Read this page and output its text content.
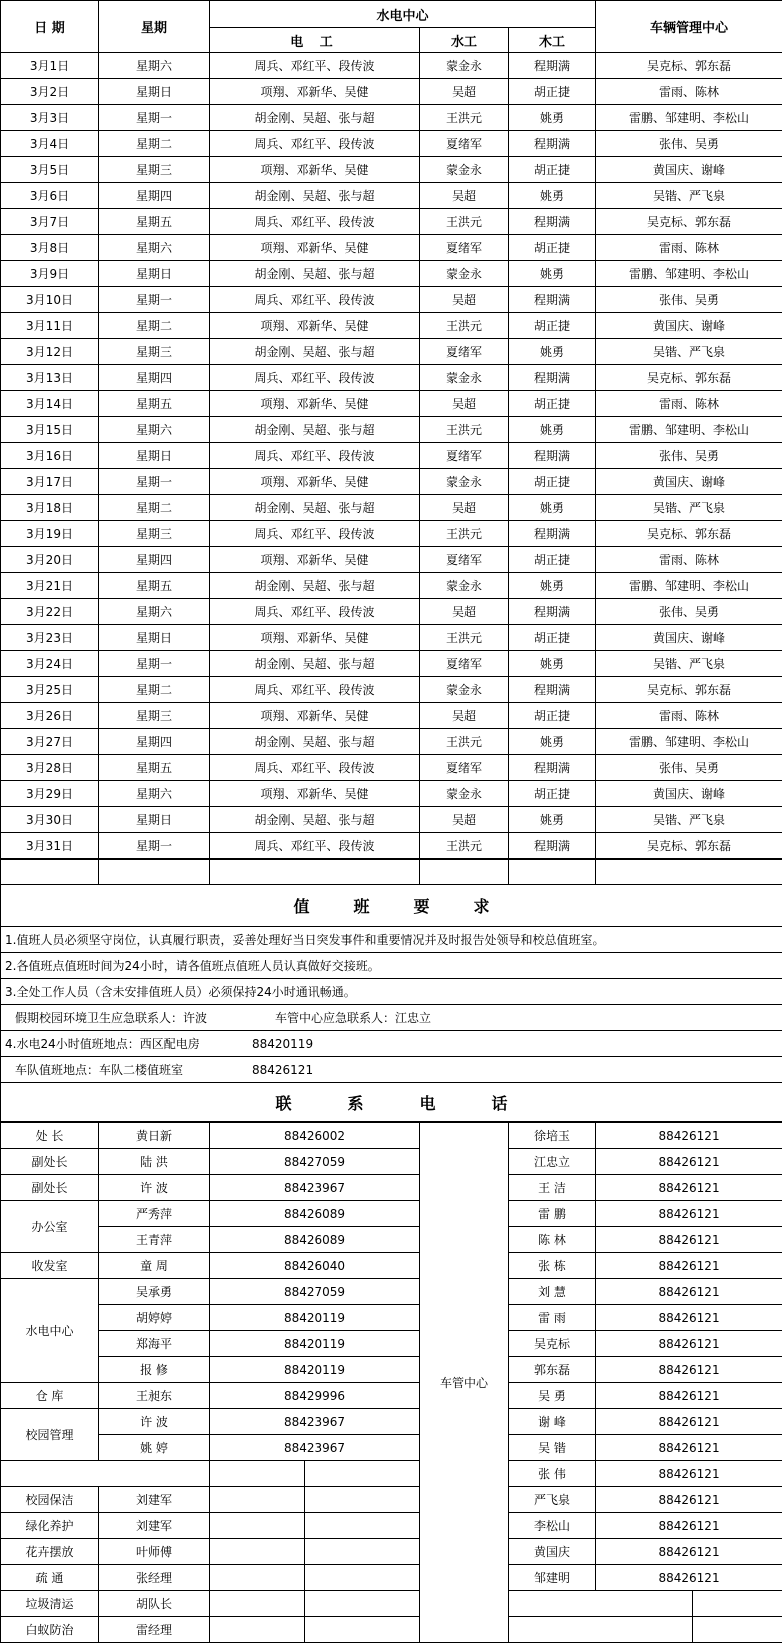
日 期	星期	水电中心			车辆管理中心
		电 工	水工	木工	
3月1日	星期六	周兵、邓红平、段传波	蒙金永	程期满	吴克标、郭东磊
3月2日	星期日	项翔、邓新华、吴健	吴超	胡正捷	雷雨、陈林
3月3日	星期一	胡金刚、吴超、张与超	王洪元	姚勇	雷鹏、邹建明、李松山
3月4日	星期二	周兵、邓红平、段传波	夏绪军	程期满	张伟、吴勇
3月5日	星期三	项翔、邓新华、吴健	蒙金永	胡正捷	黄国庆、谢峰
3月6日	星期四	胡金刚、吴超、张与超	吴超	姚勇	吴锴、严飞泉
3月7日	星期五	周兵、邓红平、段传波	王洪元	程期满	吴克标、郭东磊
3月8日	星期六	项翔、邓新华、吴健	夏绪军	胡正捷	雷雨、陈林
3月9日	星期日	胡金刚、吴超、张与超	蒙金永	姚勇	雷鹏、邹建明、李松山
3月10日	星期一	周兵、邓红平、段传波	吴超	程期满	张伟、吴勇
3月11日	星期二	项翔、邓新华、吴健	王洪元	胡正捷	黄国庆、谢峰
3月12日	星期三	胡金刚、吴超、张与超	夏绪军	姚勇	吴锴、严飞泉
3月13日	星期四	周兵、邓红平、段传波	蒙金永	程期满	吴克标、郭东磊
3月14日	星期五	项翔、邓新华、吴健	吴超	胡正捷	雷雨、陈林
3月15日	星期六	胡金刚、吴超、张与超	王洪元	姚勇	雷鹏、邹建明、李松山
3月16日	星期日	周兵、邓红平、段传波	夏绪军	程期满	张伟、吴勇
3月17日	星期一	项翔、邓新华、吴健	蒙金永	胡正捷	黄国庆、谢峰
3月18日	星期二	胡金刚、吴超、张与超	吴超	姚勇	吴锴、严飞泉
3月19日	星期三	周兵、邓红平、段传波	王洪元	程期满	吴克标、郭东磊
3月20日	星期四	项翔、邓新华、吴健	夏绪军	胡正捷	雷雨、陈林
3月21日	星期五	胡金刚、吴超、张与超	蒙金永	姚勇	雷鹏、邹建明、李松山
3月22日	星期六	周兵、邓红平、段传波	吴超	程期满	张伟、吴勇
3月23日	星期日	项翔、邓新华、吴健	王洪元	胡正捷	黄国庆、谢峰
3月24日	星期一	胡金刚、吴超、张与超	夏绪军	姚勇	吴锴、严飞泉
3月25日	星期二	周兵、邓红平、段传波	蒙金永	程期满	吴克标、郭东磊
3月26日	星期三	项翔、邓新华、吴健	吴超	胡正捷	雷雨、陈林
3月27日	星期四	胡金刚、吴超、张与超	王洪元	姚勇	雷鹏、邹建明、李松山
3月28日	星期五	周兵、邓红平、段传波	夏绪军	程期满	张伟、吴勇
3月29日	星期六	项翔、邓新华、吴健	蒙金永	胡正捷	黄国庆、谢峰
3月30日	星期日	胡金刚、吴超、张与超	吴超	姚勇	吴锴、严飞泉
3月31日	星期一	周兵、邓红平、段传波	王洪元	程期满	吴克标、郭东磊

值	班	要	求
1.值班人员必须坚守岗位，认真履行职责，妥善处理好当日突发事件和重要情况并及时报告处领导和校总值班室。
2.各值班点值班时间为24小时，请各值班点值班人员认真做好交接班。
3.全处工作人员（含未安排值班人员）必须保持24小时通讯畅通。
假期校园环境卫生应急联系人：许波	车管中心应急联系人：江忠立
4.水电24小时值班地点：西区配电房	88420119
车队值班地点：车队二楼值班室	88426121
联	系	电	话
处 长	黄日新	88426002		车管中心	徐培玉	88426121	
副处长	陆 洪	88427059			江忠立	88426121	
副处长	许 波	88423967			王 洁	88426121	
办公室	严秀萍	88426089			雷 鹏	88426121	
	王青萍	88426089			陈 林	88426121	
收发室	童 周	88426040			张 栋	88426121	
水电中心	吴承勇	88427059			刘 慧	88426121	
	胡婷婷	88420119			雷 雨	88426121	
	郑海平	88420119			吴克标	88426121	
	报 修	88420119			郭东磊	88426121	
仓 库	王昶东	88429996			吴 勇	88426121	
校园管理	许 波	88423967			谢 峰	88426121	
	姚 婷	88423967			吴 锴	88426121	
					张 伟	88426121	
校园保洁	刘建军				严飞泉	88426121	
绿化养护	刘建军				李松山	88426121	
花卉摆放	叶师傅				黄国庆	88426121	
疏 通	张经理				邹建明	88426121	
垃圾清运	胡队长						
白蚁防治	雷经理						
